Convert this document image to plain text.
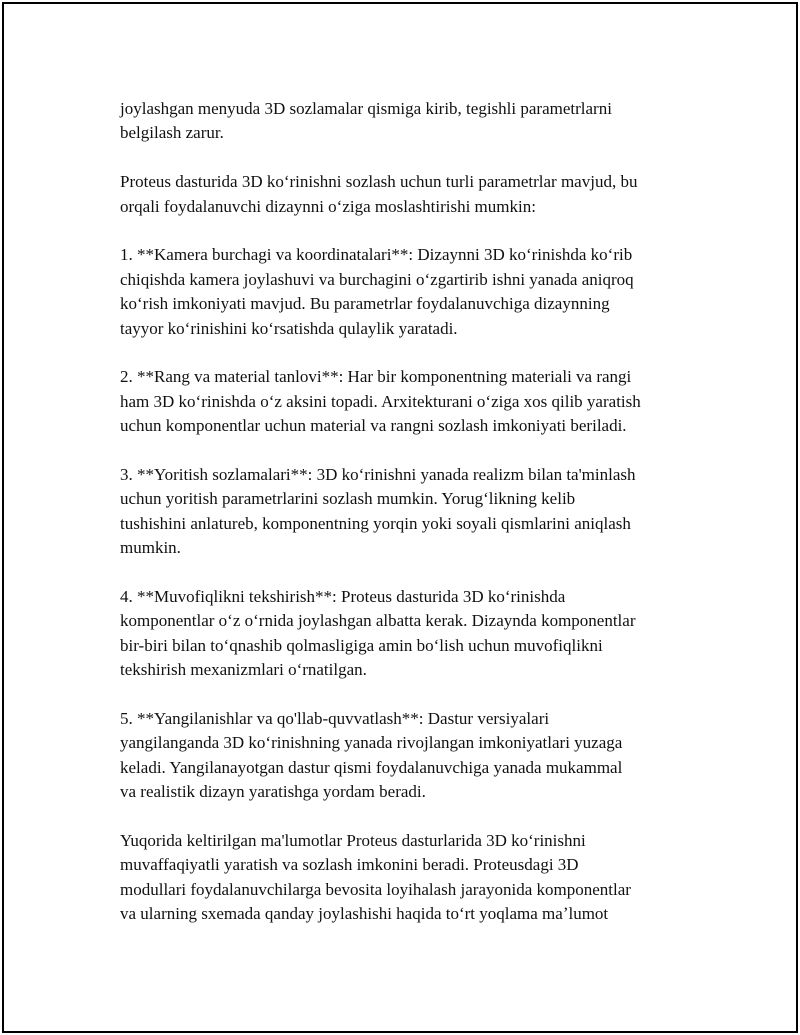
joylashgan menyuda 3D sozlamalar qismiga kirib, tegishli parametrlarni
belgilash zarur.

Proteus dasturida 3D koʻrinishni sozlash uchun turli parametrlar mavjud, bu
orqali foydalanuvchi dizaynni oʻziga moslashtirishi mumkin:

1. **Kamera burchagi va koordinatalari**: Dizaynni 3D koʻrinishda koʻrib
chiqishda kamera joylashuvi va burchagini oʻzgartirib ishni yanada aniqroq
koʻrish imkoniyati mavjud. Bu parametrlar foydalanuvchiga dizaynning
tayyor koʻrinishini koʻrsatishda qulaylik yaratadi.

2. **Rang va material tanlovi**: Har bir komponentning materiali va rangi
ham 3D koʻrinishda oʻz aksini topadi. Arxitekturani oʻziga xos qilib yaratish
uchun komponentlar uchun material va rangni sozlash imkoniyati beriladi.

3. **Yoritish sozlamalari**: 3D koʻrinishni yanada realizm bilan ta'minlash
uchun yoritish parametrlarini sozlash mumkin. Yorugʻlikning kelib
tushishini anlatureb, komponentning yorqin yoki soyali qismlarini aniqlash
mumkin.

4. **Muvofiqlikni tekshirish**: Proteus dasturida 3D koʻrinishda
komponentlar oʻz oʻrnida joylashgan albatta kerak. Dizaynda komponentlar
bir-biri bilan toʻqnashib qolmasligiga amin boʻlish uchun muvofiqlikni
tekshirish mexanizmlari oʻrnatilgan.

5. **Yangilanishlar va qo'llab-quvvatlash**: Dastur versiyalari
yangilanganda 3D koʻrinishning yanada rivojlangan imkoniyatlari yuzaga
keladi. Yangilanayotgan dastur qismi foydalanuvchiga yanada mukammal
va realistik dizayn yaratishga yordam beradi.

Yuqorida keltirilgan ma'lumotlar Proteus dasturlarida 3D koʻrinishni
muvaffaqiyatli yaratish va sozlash imkonini beradi. Proteusdagi 3D
modullari foydalanuvchilarga bevosita loyihalash jarayonida komponentlar
va ularning sxemada qanday joylashishi haqida toʻrt yoqlama maʼlumot
